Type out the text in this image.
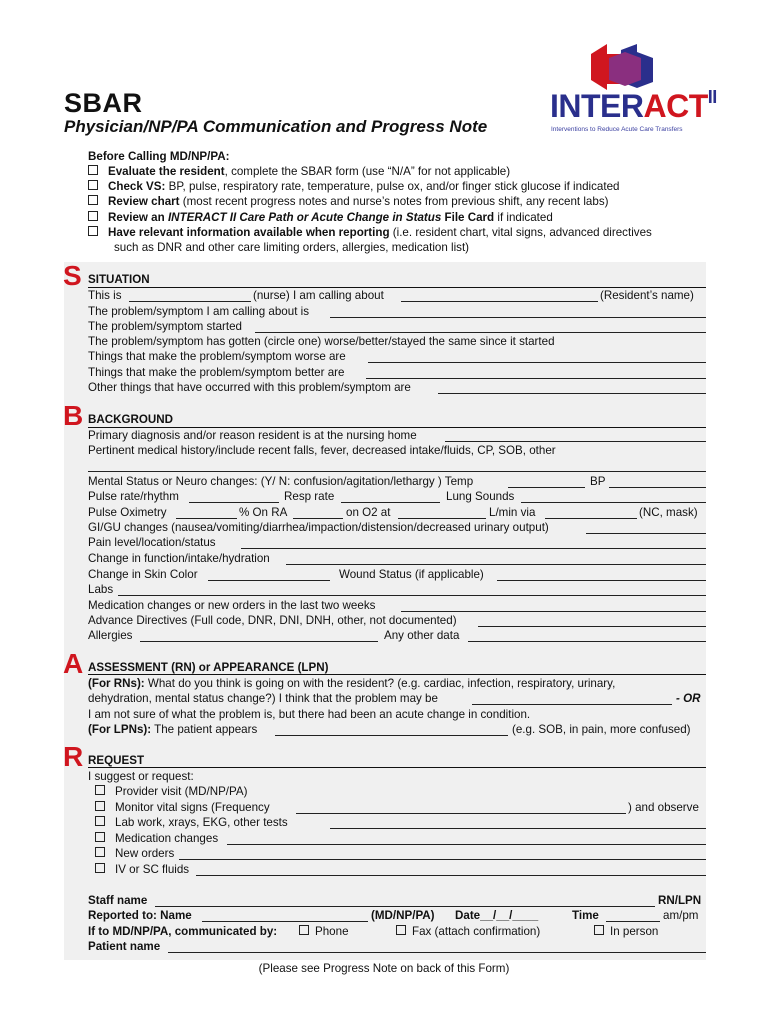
SBAR
Physician/NP/PA Communication and Progress Note
$INTERACT^{II}$
Interventions to Reduce Acute Care Transfers
Before Calling MD/NP/PA:
Evaluate the resident, complete the SBAR form (use “N/A” for not applicable)
Check VS: BP, pulse, respiratory rate, temperature, pulse ox, and/or finger stick glucose if indicated
Review chart (most recent progress notes and nurse’s notes from previous shift, any recent labs)
Review an INTERACT II Care Path or Acute Change in Status File Card if indicated
Have relevant information available when reporting (i.e. resident chart, vital signs, advanced directives
such as DNR and other care limiting orders, allergies, medication list)
S SITUATION
This is	(nurse) I am calling about	(Resident’s name)
The problem/symptom I am calling about is
The problem/symptom started
The problem/symptom has gotten (circle one) worse/better/stayed the same since it started
Things that make the problem/symptom worse are
Things that make the problem/symptom better are
Other things that have occurred with this problem/symptom are
B BACKGROUND
Primary diagnosis and/or reason resident is at the nursing home
Pertinent medical history/include recent falls, fever, decreased intake/fluids, CP, SOB, other
Mental Status or Neuro changes: (Y/ N: confusion/agitation/lethargy ) Temp	BP
Pulse rate/rhythm	Resp rate	Lung Sounds
Pulse Oximetry	% On RA	on O2 at	L/min via	(NC, mask)
GI/GU changes (nausea/vomiting/diarrhea/impaction/distension/decreased urinary output)
Pain level/location/status
Change in function/intake/hydration
Change in Skin Color	Wound Status (if applicable)
Labs
Medication changes or new orders in the last two weeks
Advance Directives (Full code, DNR, DNI, DNH, other, not documented)
Allergies	Any other data
A ASSESSMENT (RN) or APPEARANCE (LPN)
(For RNs): What do you think is going on with the resident? (e.g. cardiac, infection, respiratory, urinary,
dehydration, mental status change?) I think that the problem may be	- OR
I am not sure of what the problem is, but there had been an acute change in condition.
(For LPNs): The patient appears	(e.g. SOB, in pain, more confused)
R REQUEST
I suggest or request:
Provider visit (MD/NP/PA)
Monitor vital signs (Frequency	) and observe
Lab work, xrays, EKG, other tests
Medication changes
New orders
IV or SC fluids
Staff name	RN/LPN
Reported to: Name	(MD/NP/PA) Date__/__/____	Time	am/pm
If to MD/NP/PA, communicated by:	Phone	Fax (attach confirmation)	In person
Patient name
(Please see Progress Note on back of this Form)
